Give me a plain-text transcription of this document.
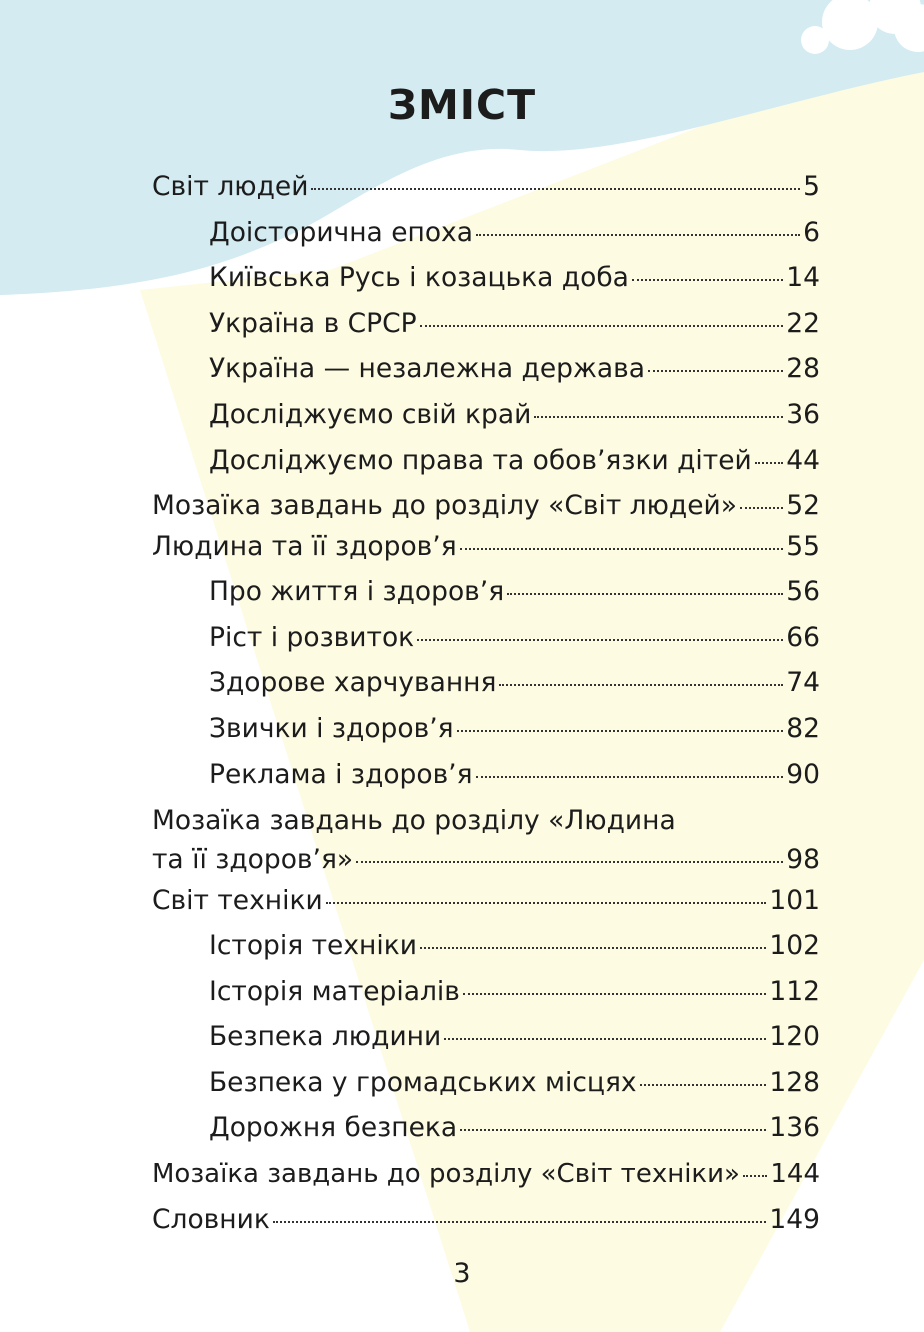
ЗМІСТ
Світ людей	5
Доісторична епоха	6
Київська Русь і козацька доба	14
Україна в СРСР	22
Україна — незалежна держава	28
Досліджуємо свій край	36
Досліджуємо права та обов’язки дітей 44
Мозаїка завдань до розділу «Світ людей» 52
Людина та її здоров’я	55
Про життя і здоров’я	56
Ріст і розвиток	66
Здорове харчування	74
Звички і здоров’я	82
Реклама і здоров’я	90
Мозаїка завдань до розділу «Людина
та її здоров’я»	98
Світ техніки	101
Історія техніки	102
Історія матеріалів	112
Безпека людини	120
Безпека у громадських місцях	128
Дорожня безпека	136
Мозаїка завдань до розділу «Світ техніки» 144
Словник	149
3
